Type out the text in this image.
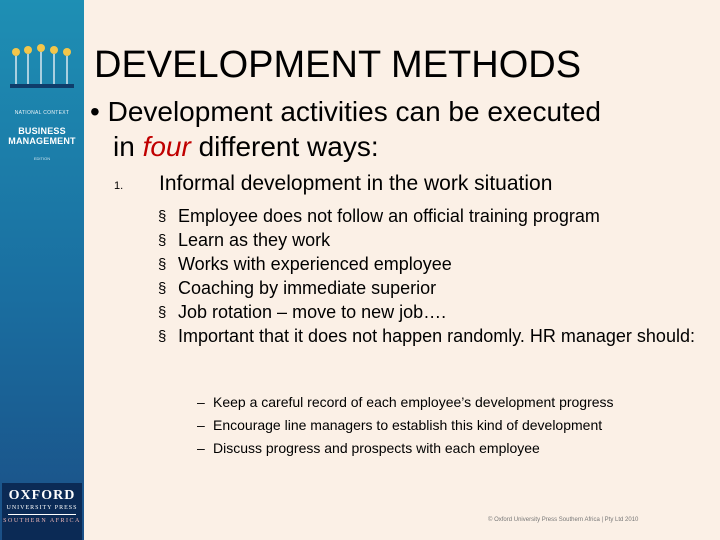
NATIONAL CONTEXT
BUSINESS
MANAGEMENT
EDITION
OXFORD
UNIVERSITY PRESS
SOUTHERN AFRICA
DEVELOPMENT METHODS
• Development activities can be executed
in four different ways:
1. Informal development in the work situation
§ Employee does not follow an official training program
§ Learn as they work
§ Works with experienced employee
§ Coaching by immediate superior
§ Job rotation – move to new job….
§ Important that it does not happen randomly. HR manager should:
– Keep a careful record of each employee’s development progress
– Encourage line managers to establish this kind of development
– Discuss progress and prospects with each employee
© Oxford University Press Southern Africa | Pty Ltd 2010
